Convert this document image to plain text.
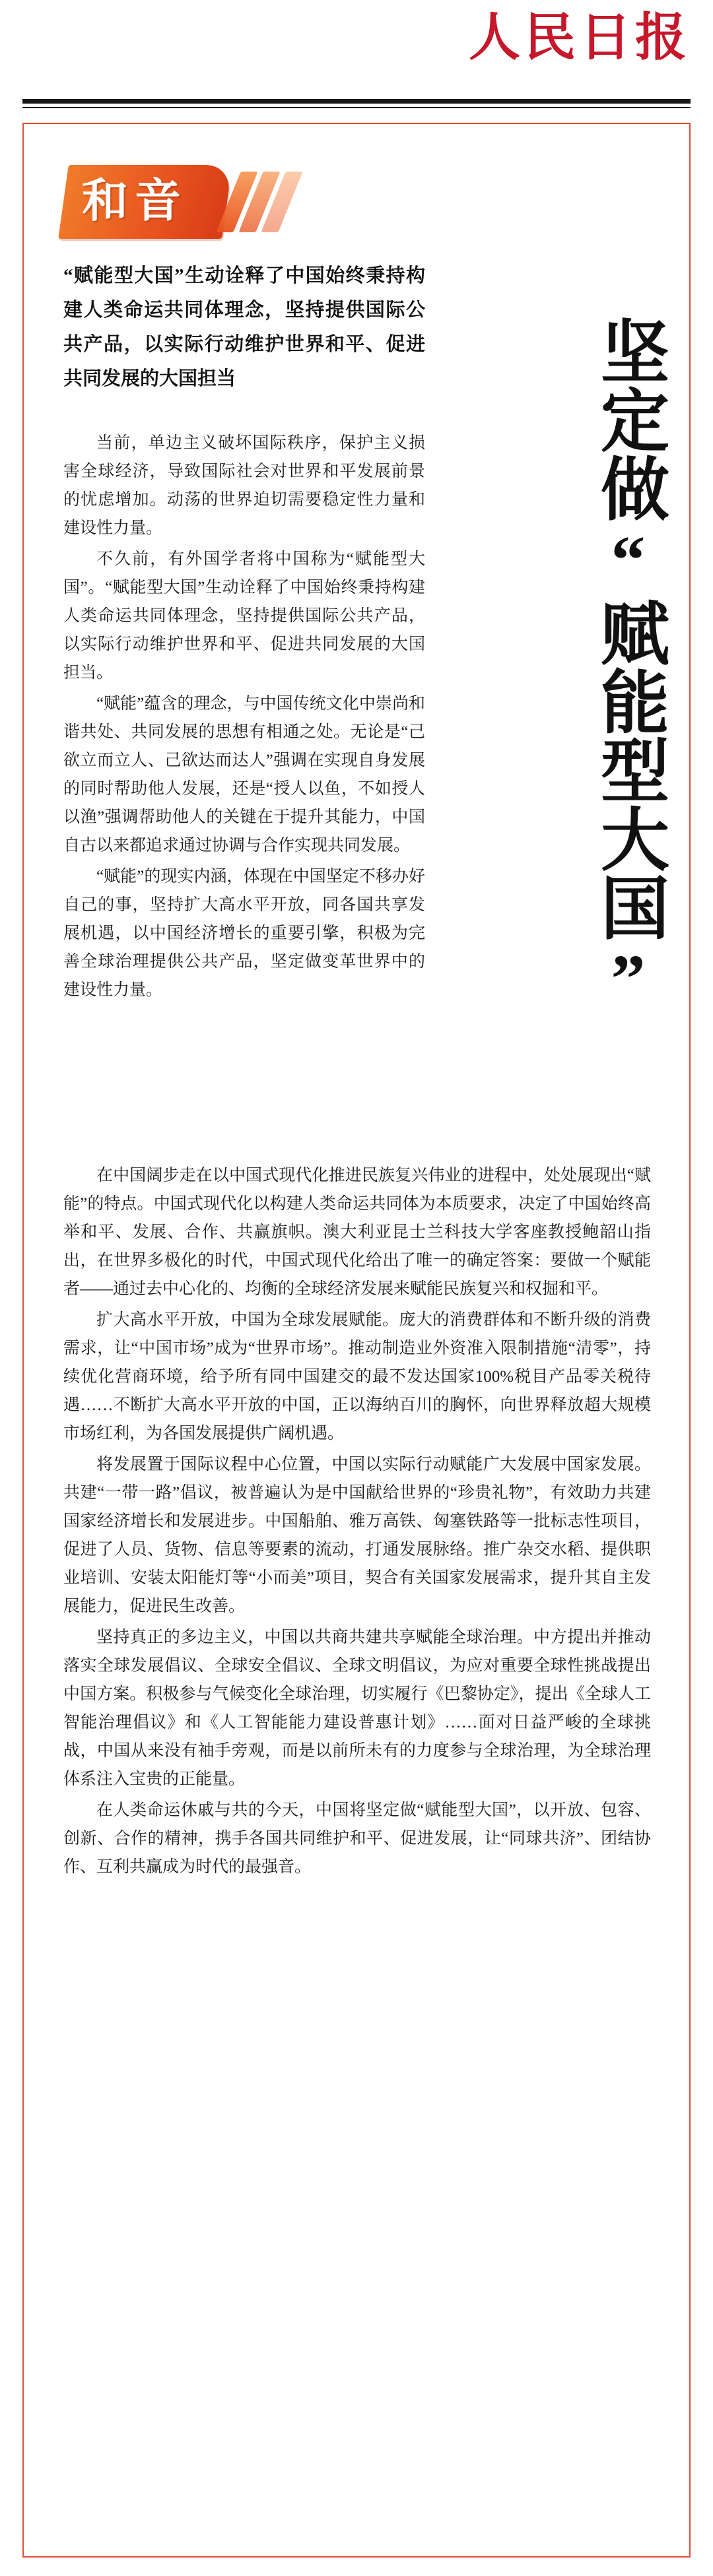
人民日报
和音
坚定做“赋能型大国”
“赋能型大国”生动诠释了中国始终秉持构建人类命运共同体理念，坚持提供国际公共产品，以实际行动维护世界和平、促进共同发展的大国担当

当前，单边主义破坏国际秩序，保护主义损害全球经济，导致国际社会对世界和平发展前景的忧虑增加。动荡的世界迫切需要稳定性力量和建设性力量。

不久前，有外国学者将中国称为“赋能型大国”。“赋能型大国”生动诠释了中国始终秉持构建人类命运共同体理念，坚持提供国际公共产品，以实际行动维护世界和平、促进共同发展的大国担当。

“赋能”蕴含的理念，与中国传统文化中崇尚和谐共处、共同发展的思想有相通之处。无论是“己欲立而立人、己欲达而达人”强调在实现自身发展的同时帮助他人发展，还是“授人以鱼，不如授人以渔”强调帮助他人的关键在于提升其能力，中国自古以来都追求通过协调与合作实现共同发展。

“赋能”的现实内涵，体现在中国坚定不移办好自己的事，坚持扩大高水平开放，同各国共享发展机遇，以中国经济增长的重要引擎，积极为完善全球治理提供公共产品，坚定做变革世界中的建设性力量。

在中国阔步走在以中国式现代化推进民族复兴伟业的进程中，处处展现出“赋能”的特点。中国式现代化以构建人类命运共同体为本质要求，决定了中国始终高举和平、发展、合作、共赢旗帜。澳大利亚昆士兰科技大学客座教授鲍韶山指出，在世界多极化的时代，中国式现代化给出了唯一的确定答案：要做一个赋能者——通过去中心化的、均衡的全球经济发展来赋能民族复兴和权掘和平。

扩大高水平开放，中国为全球发展赋能。庞大的消费群体和不断升级的消费需求，让“中国市场”成为“世界市场”。推动制造业外资准入限制措施“清零”，持续优化营商环境，给予所有同中国建交的最不发达国家100%税目产品零关税待遇……不断扩大高水平开放的中国，正以海纳百川的胸怀，向世界释放超大规模市场红利，为各国发展提供广阔机遇。

将发展置于国际议程中心位置，中国以实际行动赋能广大发展中国家发展。共建“一带一路”倡议，被普遍认为是中国献给世界的“珍贵礼物”，有效助力共建国家经济增长和发展进步。中国船舶、雅万高铁、匈塞铁路等一批标志性项目，促进了人员、货物、信息等要素的流动，打通发展脉络。推广杂交水稻、提供职业培训、安装太阳能灯等“小而美”项目，契合有关国家发展需求，提升其自主发展能力，促进民生改善。

坚持真正的多边主义，中国以共商共建共享赋能全球治理。中方提出并推动落实全球发展倡议、全球安全倡议、全球文明倡议，为应对重要全球性挑战提出中国方案。积极参与气候变化全球治理，切实履行《巴黎协定》，提出《全球人工智能治理倡议》和《人工智能能力建设普惠计划》……面对日益严峻的全球挑战，中国从来没有袖手旁观，而是以前所未有的力度参与全球治理，为全球治理体系注入宝贵的正能量。

在人类命运休戚与共的今天，中国将坚定做“赋能型大国”，以开放、包容、创新、合作的精神，携手各国共同维护和平、促进发展，让“同球共济”、团结协作、互利共赢成为时代的最强音。
